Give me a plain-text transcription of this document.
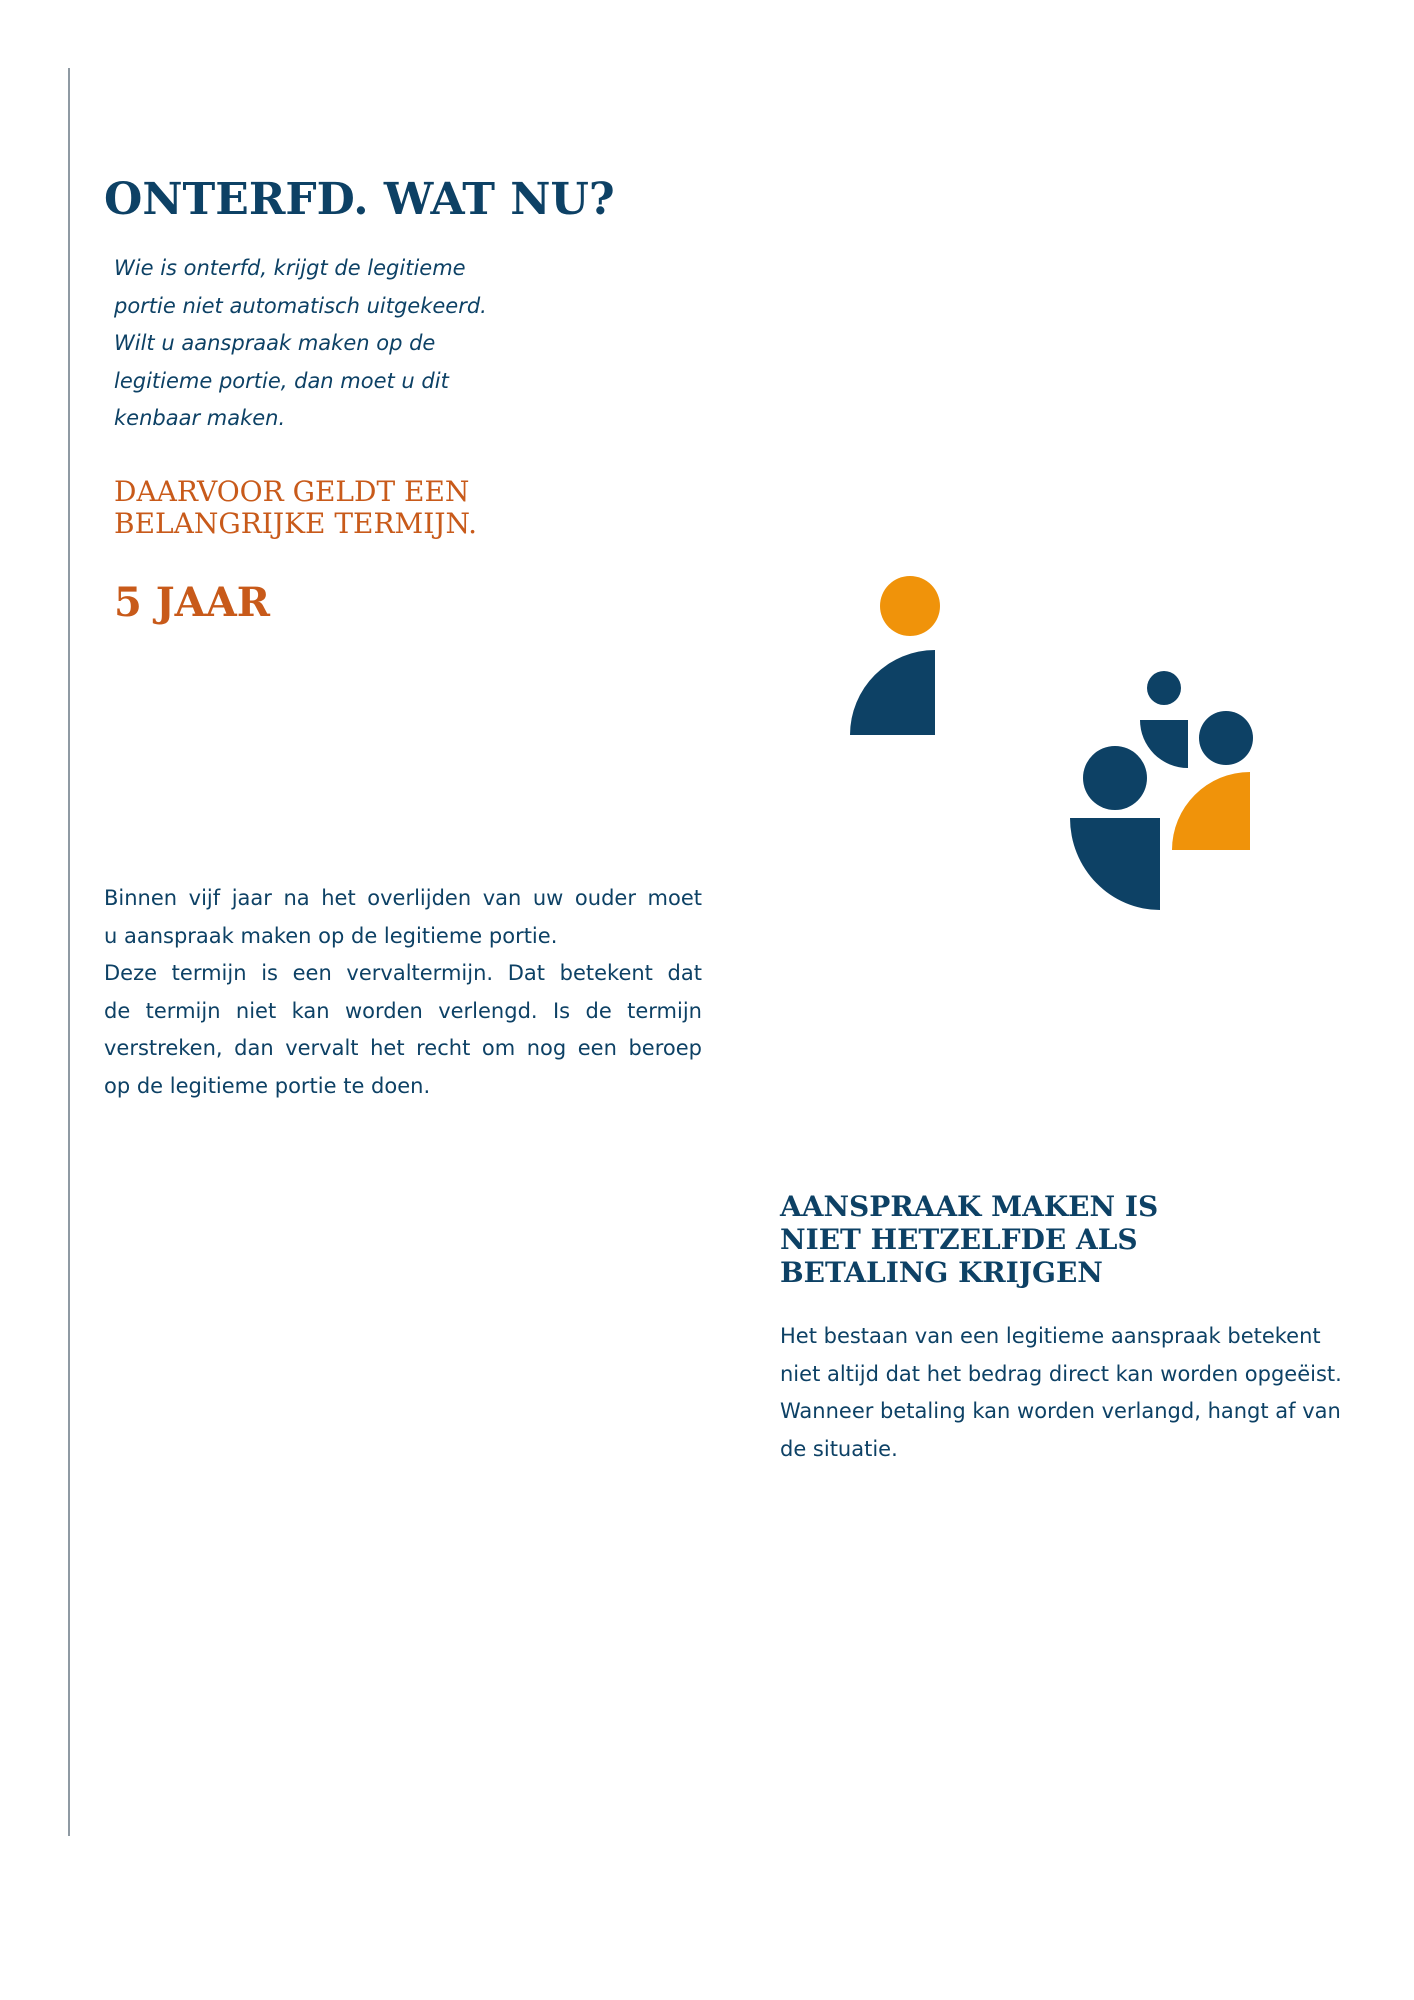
ONTERFD. WAT NU?

Wie is onterfd, krijgt de legitieme
portie niet automatisch uitgekeerd.
Wilt u aanspraak maken op de
legitieme portie, dan moet u dit
kenbaar maken.

DAARVOOR GELDT EEN
BELANGRIJKE TERMIJN.
5 JAAR

Binnen vijf jaar na het overlijden van uw ouder moet
u aanspraak maken op de legitieme portie.
Deze termijn is een vervaltermijn. Dat betekent dat
de termijn niet kan worden verlengd. Is de termijn
verstreken, dan vervalt het recht om nog een beroep
op de legitieme portie te doen.

AANSPRAAK MAKEN IS
NIET HETZELFDE ALS
BETALING KRIJGEN

Het bestaan van een legitieme aanspraak betekent
niet altijd dat het bedrag direct kan worden opgeëist.
Wanneer betaling kan worden verlangd, hangt af van
de situatie.
